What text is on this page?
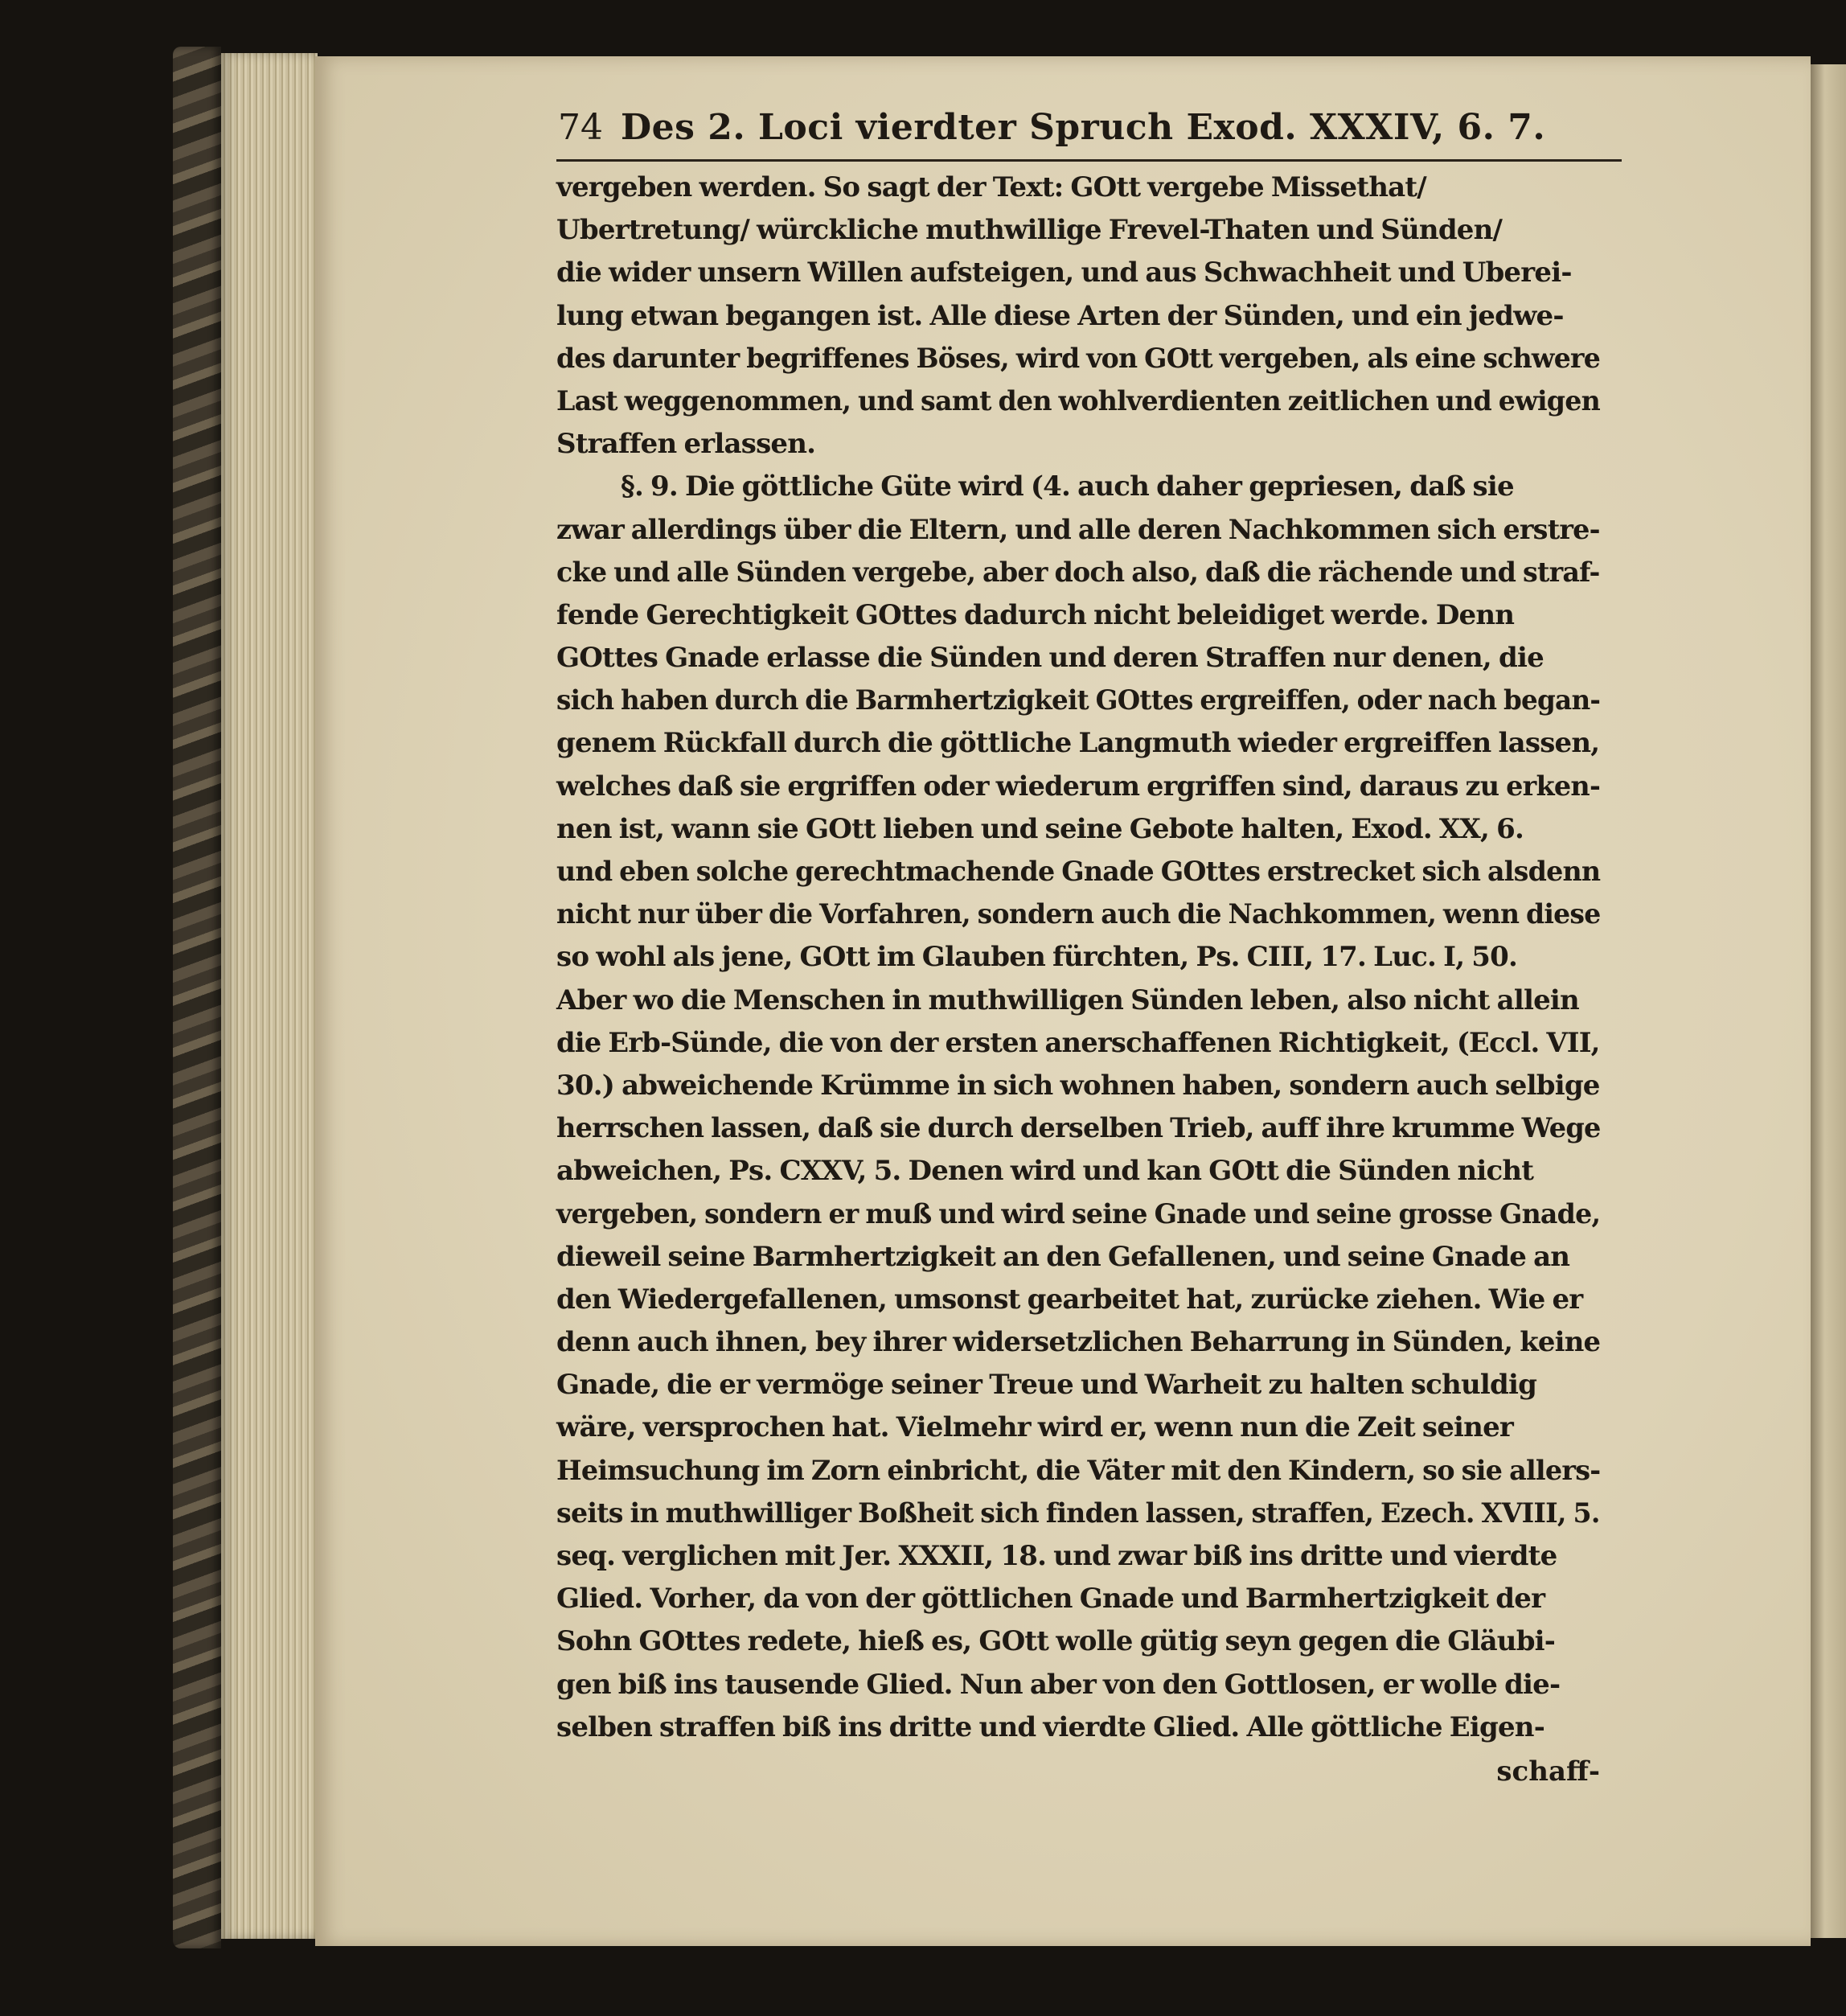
74 Des 2. Loci vierdter Spruch Exod. XXXIV, 6. 7.
vergeben werden. So sagt der Text: GOtt vergebe Missethat/
Ubertretung/ würckliche muthwillige Frevel-Thaten und Sünden/
die wider unsern Willen aufsteigen, und aus Schwachheit und Uberei-
lung etwan begangen ist. Alle diese Arten der Sünden, und ein jedwe-
des darunter begriffenes Böses, wird von GOtt vergeben, als eine schwere
Last weggenommen, und samt den wohlverdienten zeitlichen und ewigen
Straffen erlassen.
§. 9. Die göttliche Güte wird (4. auch daher gepriesen, daß sie
zwar allerdings über die Eltern, und alle deren Nachkommen sich erstre-
cke und alle Sünden vergebe, aber doch also, daß die rächende und straf-
fende Gerechtigkeit GOttes dadurch nicht beleidiget werde. Denn
GOttes Gnade erlasse die Sünden und deren Straffen nur denen, die
sich haben durch die Barmhertzigkeit GOttes ergreiffen, oder nach began-
genem Rückfall durch die göttliche Langmuth wieder ergreiffen lassen,
welches daß sie ergriffen oder wiederum ergriffen sind, daraus zu erken-
nen ist, wann sie GOtt lieben und seine Gebote halten, Exod. XX, 6.
und eben solche gerechtmachende Gnade GOttes erstrecket sich alsdenn
nicht nur über die Vorfahren, sondern auch die Nachkommen, wenn diese
so wohl als jene, GOtt im Glauben fürchten, Ps. CIII, 17. Luc. I, 50.
Aber wo die Menschen in muthwilligen Sünden leben, also nicht allein
die Erb-Sünde, die von der ersten anerschaffenen Richtigkeit, (Eccl. VII,
30.) abweichende Krümme in sich wohnen haben, sondern auch selbige
herrschen lassen, daß sie durch derselben Trieb, auff ihre krumme Wege
abweichen, Ps. CXXV, 5. Denen wird und kan GOtt die Sünden nicht
vergeben, sondern er muß und wird seine Gnade und seine grosse Gnade,
dieweil seine Barmhertzigkeit an den Gefallenen, und seine Gnade an
den Wiedergefallenen, umsonst gearbeitet hat, zurücke ziehen. Wie er
denn auch ihnen, bey ihrer widersetzlichen Beharrung in Sünden, keine
Gnade, die er vermöge seiner Treue und Warheit zu halten schuldig
wäre, versprochen hat. Vielmehr wird er, wenn nun die Zeit seiner
Heimsuchung im Zorn einbricht, die Väter mit den Kindern, so sie allers-
seits in muthwilliger Boßheit sich finden lassen, straffen, Ezech. XVIII, 5.
seq. verglichen mit Jer. XXXII, 18. und zwar biß ins dritte und vierdte
Glied. Vorher, da von der göttlichen Gnade und Barmhertzigkeit der
Sohn GOttes redete, hieß es, GOtt wolle gütig seyn gegen die Gläubi-
gen biß ins tausende Glied. Nun aber von den Gottlosen, er wolle die-
selben straffen biß ins dritte und vierdte Glied. Alle göttliche Eigen-
schaff-
